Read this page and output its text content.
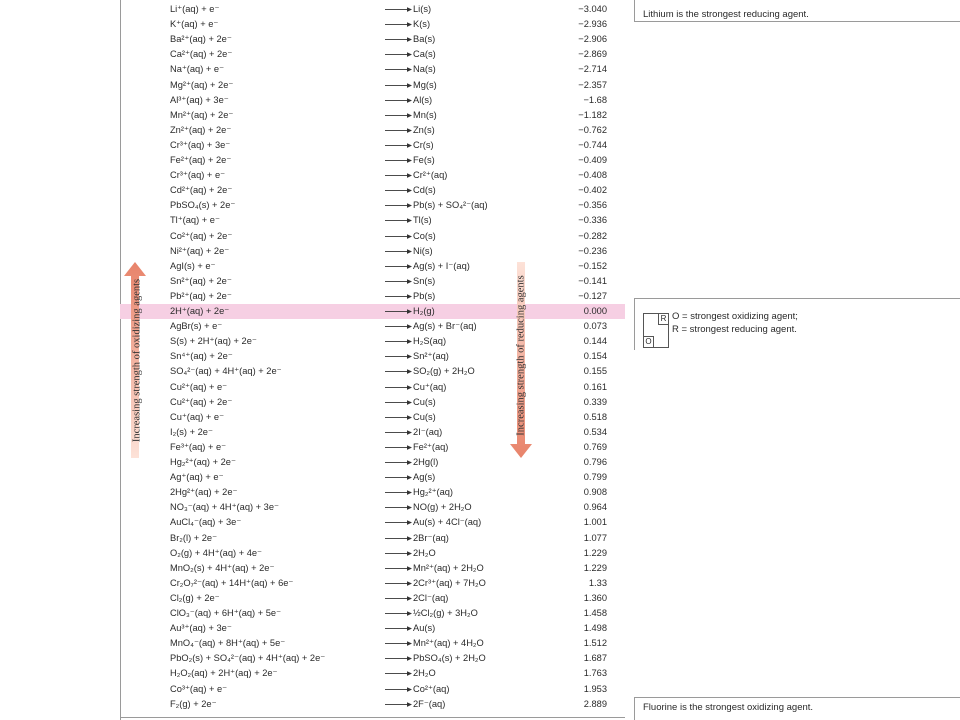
Li⁺(aq) + e⁻	→ Li(s)	−3.040
K⁺(aq) + e⁻	→ K(s)	−2.936
Ba²⁺(aq) + 2e⁻	→ Ba(s)	−2.906
Ca²⁺(aq) + 2e⁻	→ Ca(s)	−2.869
Na⁺(aq) + e⁻	→ Na(s)	−2.714
Mg²⁺(aq) + 2e⁻	→ Mg(s)	−2.357
Al³⁺(aq) + 3e⁻	→ Al(s)	−1.68
Mn²⁺(aq) + 2e⁻	→ Mn(s)	−1.182
Zn²⁺(aq) + 2e⁻	→ Zn(s)	−0.762
Cr³⁺(aq) + 3e⁻	→ Cr(s)	−0.744
Fe²⁺(aq) + 2e⁻	→ Fe(s)	−0.409
Cr³⁺(aq) + e⁻	→ Cr²⁺(aq)	−0.408
Cd²⁺(aq) + 2e⁻	→ Cd(s)	−0.402
PbSO₄(s) + 2e⁻	→ Pb(s) + SO₄²⁻(aq)	−0.356
Tl⁺(aq) + e⁻	→ Tl(s)	−0.336
Co²⁺(aq) + 2e⁻	→ Co(s)	−0.282
Ni²⁺(aq) + 2e⁻	→ Ni(s)	−0.236
AgI(s) + e⁻	→ Ag(s) + I⁻(aq)	−0.152
Sn²⁺(aq) + 2e⁻	→ Sn(s)	−0.141
Pb²⁺(aq) + 2e⁻	→ Pb(s)	−0.127
2H⁺(aq) + 2e⁻	→ H₂(g)	0.000
AgBr(s) + e⁻	→ Ag(s) + Br⁻(aq)	0.073
S(s) + 2H⁺(aq) + 2e⁻	→ H₂S(aq)	0.144
Sn⁴⁺(aq) + 2e⁻	→ Sn²⁺(aq)	0.154
SO₄²⁻(aq) + 4H⁺(aq) + 2e⁻	→ SO₂(g) + 2H₂O	0.155
Cu²⁺(aq) + e⁻	→ Cu⁺(aq)	0.161
Cu²⁺(aq) + 2e⁻	→ Cu(s)	0.339
Cu⁺(aq) + e⁻	→ Cu(s)	0.518
I₂(s) + 2e⁻	→ 2I⁻(aq)	0.534
Fe³⁺(aq) + e⁻	→ Fe²⁺(aq)	0.769
Hg₂²⁺(aq) + 2e⁻	→ 2Hg(l)	0.796
Ag⁺(aq) + e⁻	→ Ag(s)	0.799
2Hg²⁺(aq) + 2e⁻	→ Hg₂²⁺(aq)	0.908
NO₃⁻(aq) + 4H⁺(aq) + 3e⁻	→ NO(g) + 2H₂O	0.964
AuCl₄⁻(aq) + 3e⁻	→ Au(s) + 4Cl⁻(aq)	1.001
Br₂(l) + 2e⁻	→ 2Br⁻(aq)	1.077
O₂(g) + 4H⁺(aq) + 4e⁻	→ 2H₂O	1.229
MnO₂(s) + 4H⁺(aq) + 2e⁻	→ Mn²⁺(aq) + 2H₂O	1.229
Cr₂O₇²⁻(aq) + 14H⁺(aq) + 6e⁻	→ 2Cr³⁺(aq) + 7H₂O	1.33
Cl₂(g) + 2e⁻	→ 2Cl⁻(aq)	1.360
ClO₃⁻(aq) + 6H⁺(aq) + 5e⁻	→ ½Cl₂(g) + 3H₂O	1.458
Au³⁺(aq) + 3e⁻	→ Au(s)	1.498
MnO₄⁻(aq) + 8H⁺(aq) + 5e⁻	→ Mn²⁺(aq) + 4H₂O	1.512
PbO₂(s) + SO₄²⁻(aq) + 4H⁺(aq) + 2e⁻	→ PbSO₄(s) + 2H₂O	1.687
H₂O₂(aq) + 2H⁺(aq) + 2e⁻	→ 2H₂O	1.763
Co³⁺(aq) + e⁻	→ Co²⁺(aq)	1.953
F₂(g) + 2e⁻	→ 2F⁻(aq)	2.889
Increasing strength of oxidizing agents	Increasing strength of reducing agents
Lithium is the strongest reducing agent.
R
O
O = strongest oxidizing agent;
R = strongest reducing agent.
Fluorine is the strongest oxidizing agent.
